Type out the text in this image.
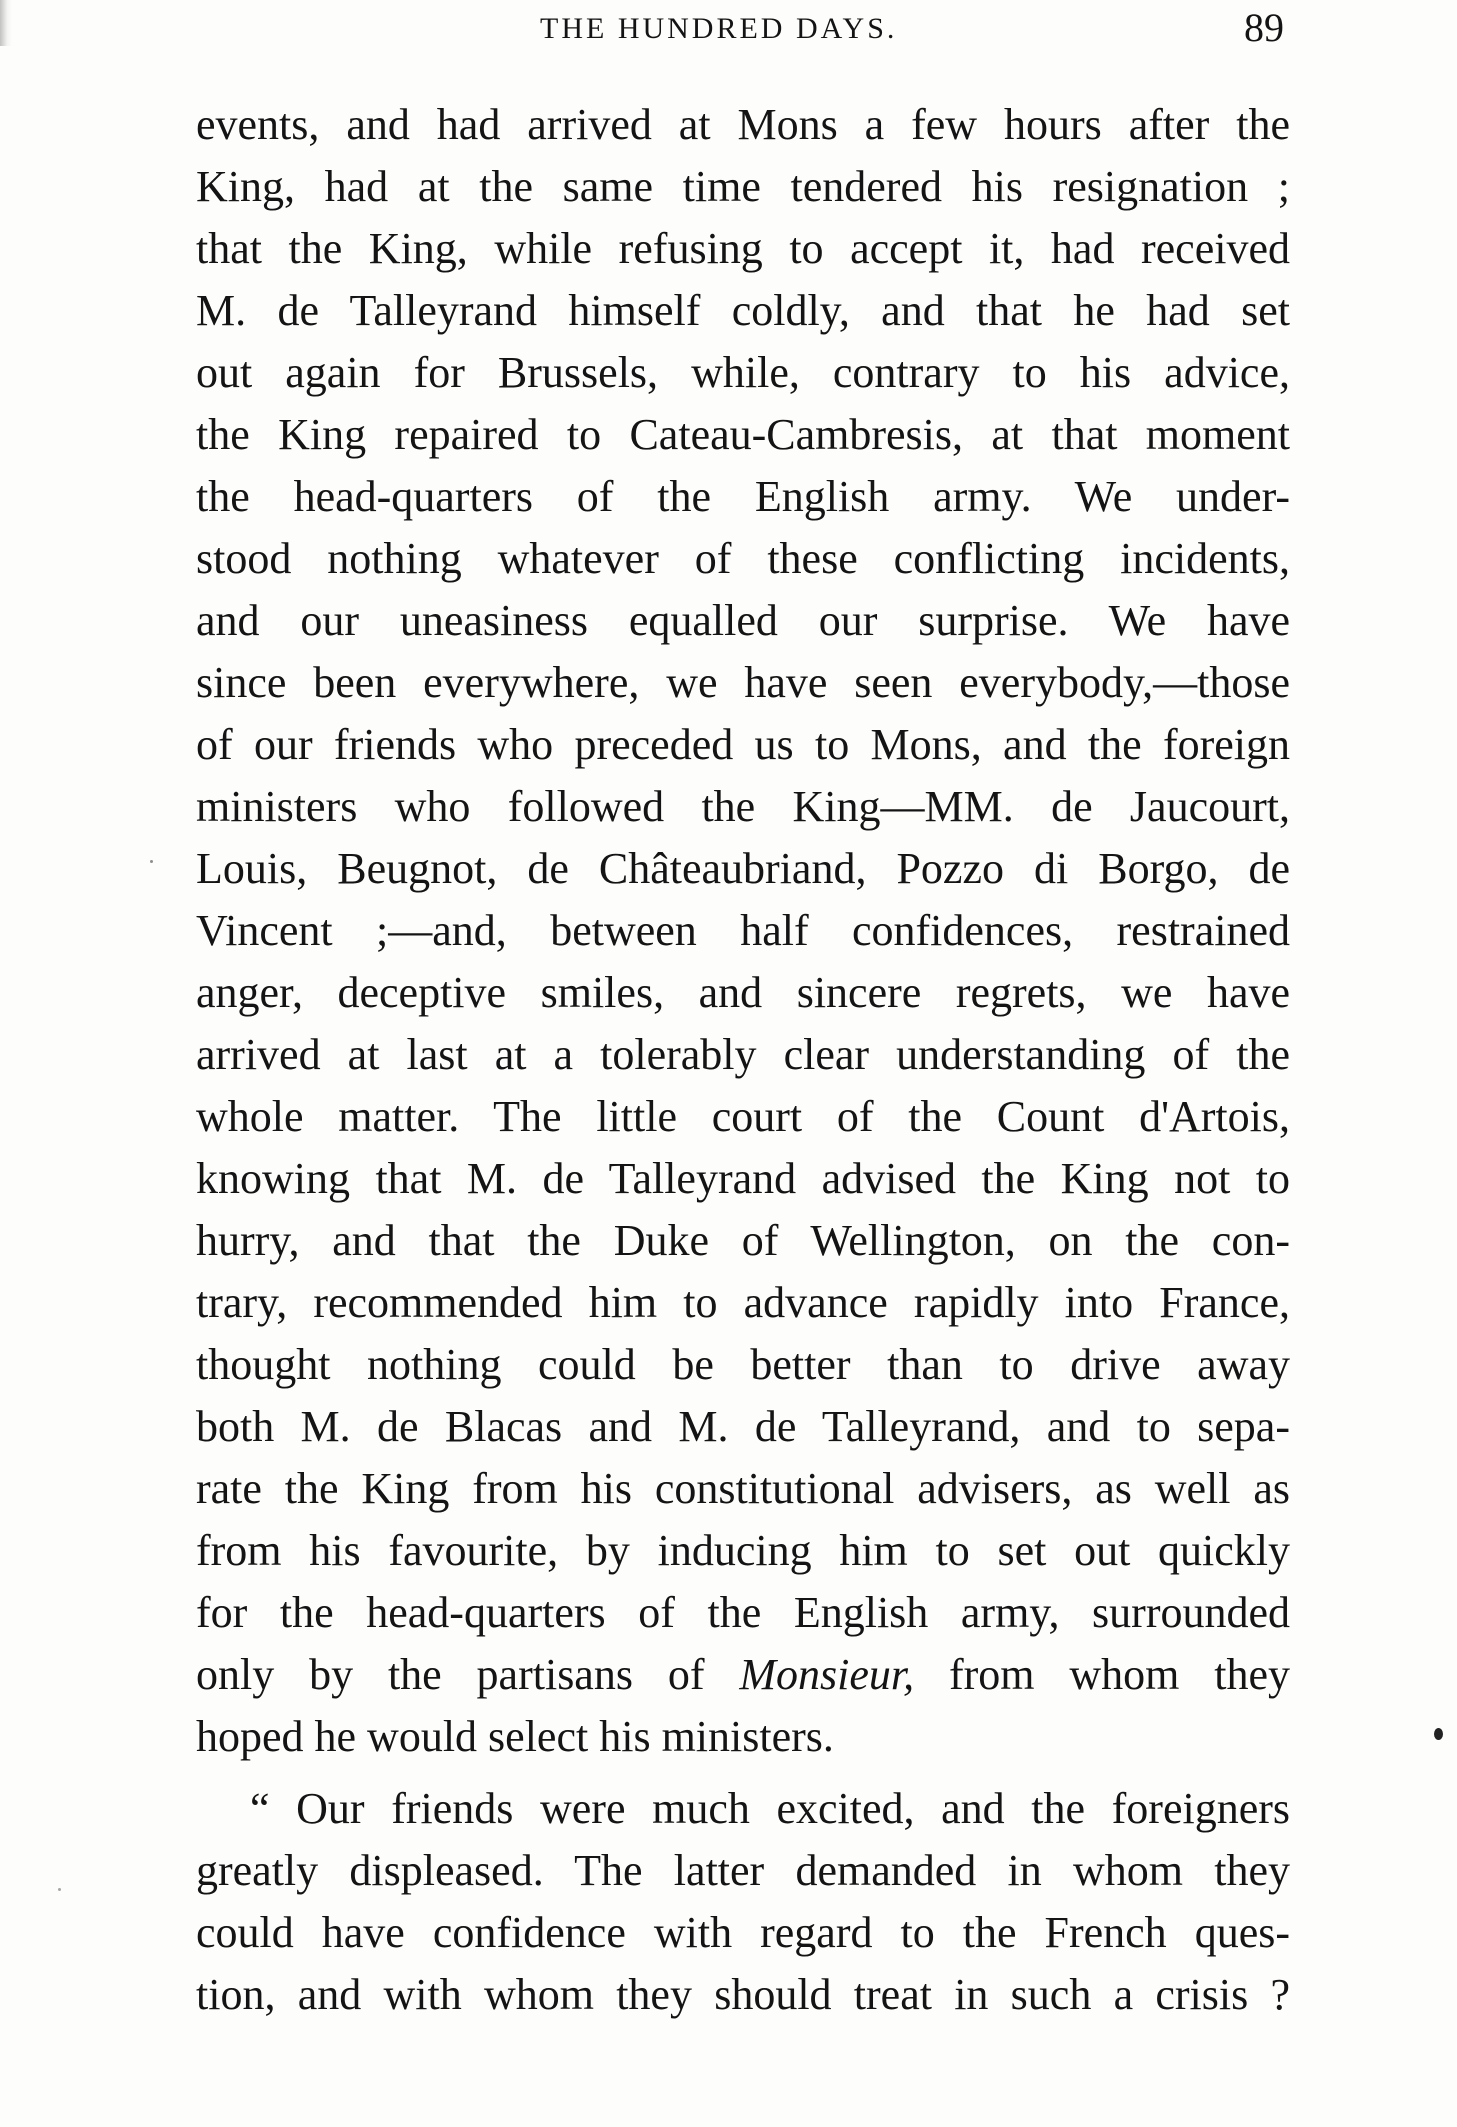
THE HUNDRED DAYS.	89
events, and had arrived at Mons a few hours after the
King, had at the same time tendered his resignation ;
that the King, while refusing to accept it, had received
M. de Talleyrand himself coldly, and that he had set
out again for Brussels, while, contrary to his advice,
the King repaired to Cateau-Cambresis, at that moment
the head-quarters of the English army. We under-
stood nothing whatever of these conflicting incidents,
and our uneasiness equalled our surprise. We have
since been everywhere, we have seen everybody,—those
of our friends who preceded us to Mons, and the foreign
ministers who followed the King—MM. de Jaucourt,
Louis, Beugnot, de Châteaubriand, Pozzo di Borgo, de
Vincent ;—and, between half confidences, restrained
anger, deceptive smiles, and sincere regrets, we have
arrived at last at a tolerably clear understanding of the
whole matter. The little court of the Count d'Artois,
knowing that M. de Talleyrand advised the King not to
hurry, and that the Duke of Wellington, on the con-
trary, recommended him to advance rapidly into France,
thought nothing could be better than to drive away
both M. de Blacas and M. de Talleyrand, and to sepa-
rate the King from his constitutional advisers, as well as
from his favourite, by inducing him to set out quickly
for the head-quarters of the English army, surrounded
only by the partisans of Monsieur, from whom they
hoped he would select his ministers.
“ Our friends were much excited, and the foreigners
greatly displeased. The latter demanded in whom they
could have confidence with regard to the French ques-
tion, and with whom they should treat in such a crisis ?
